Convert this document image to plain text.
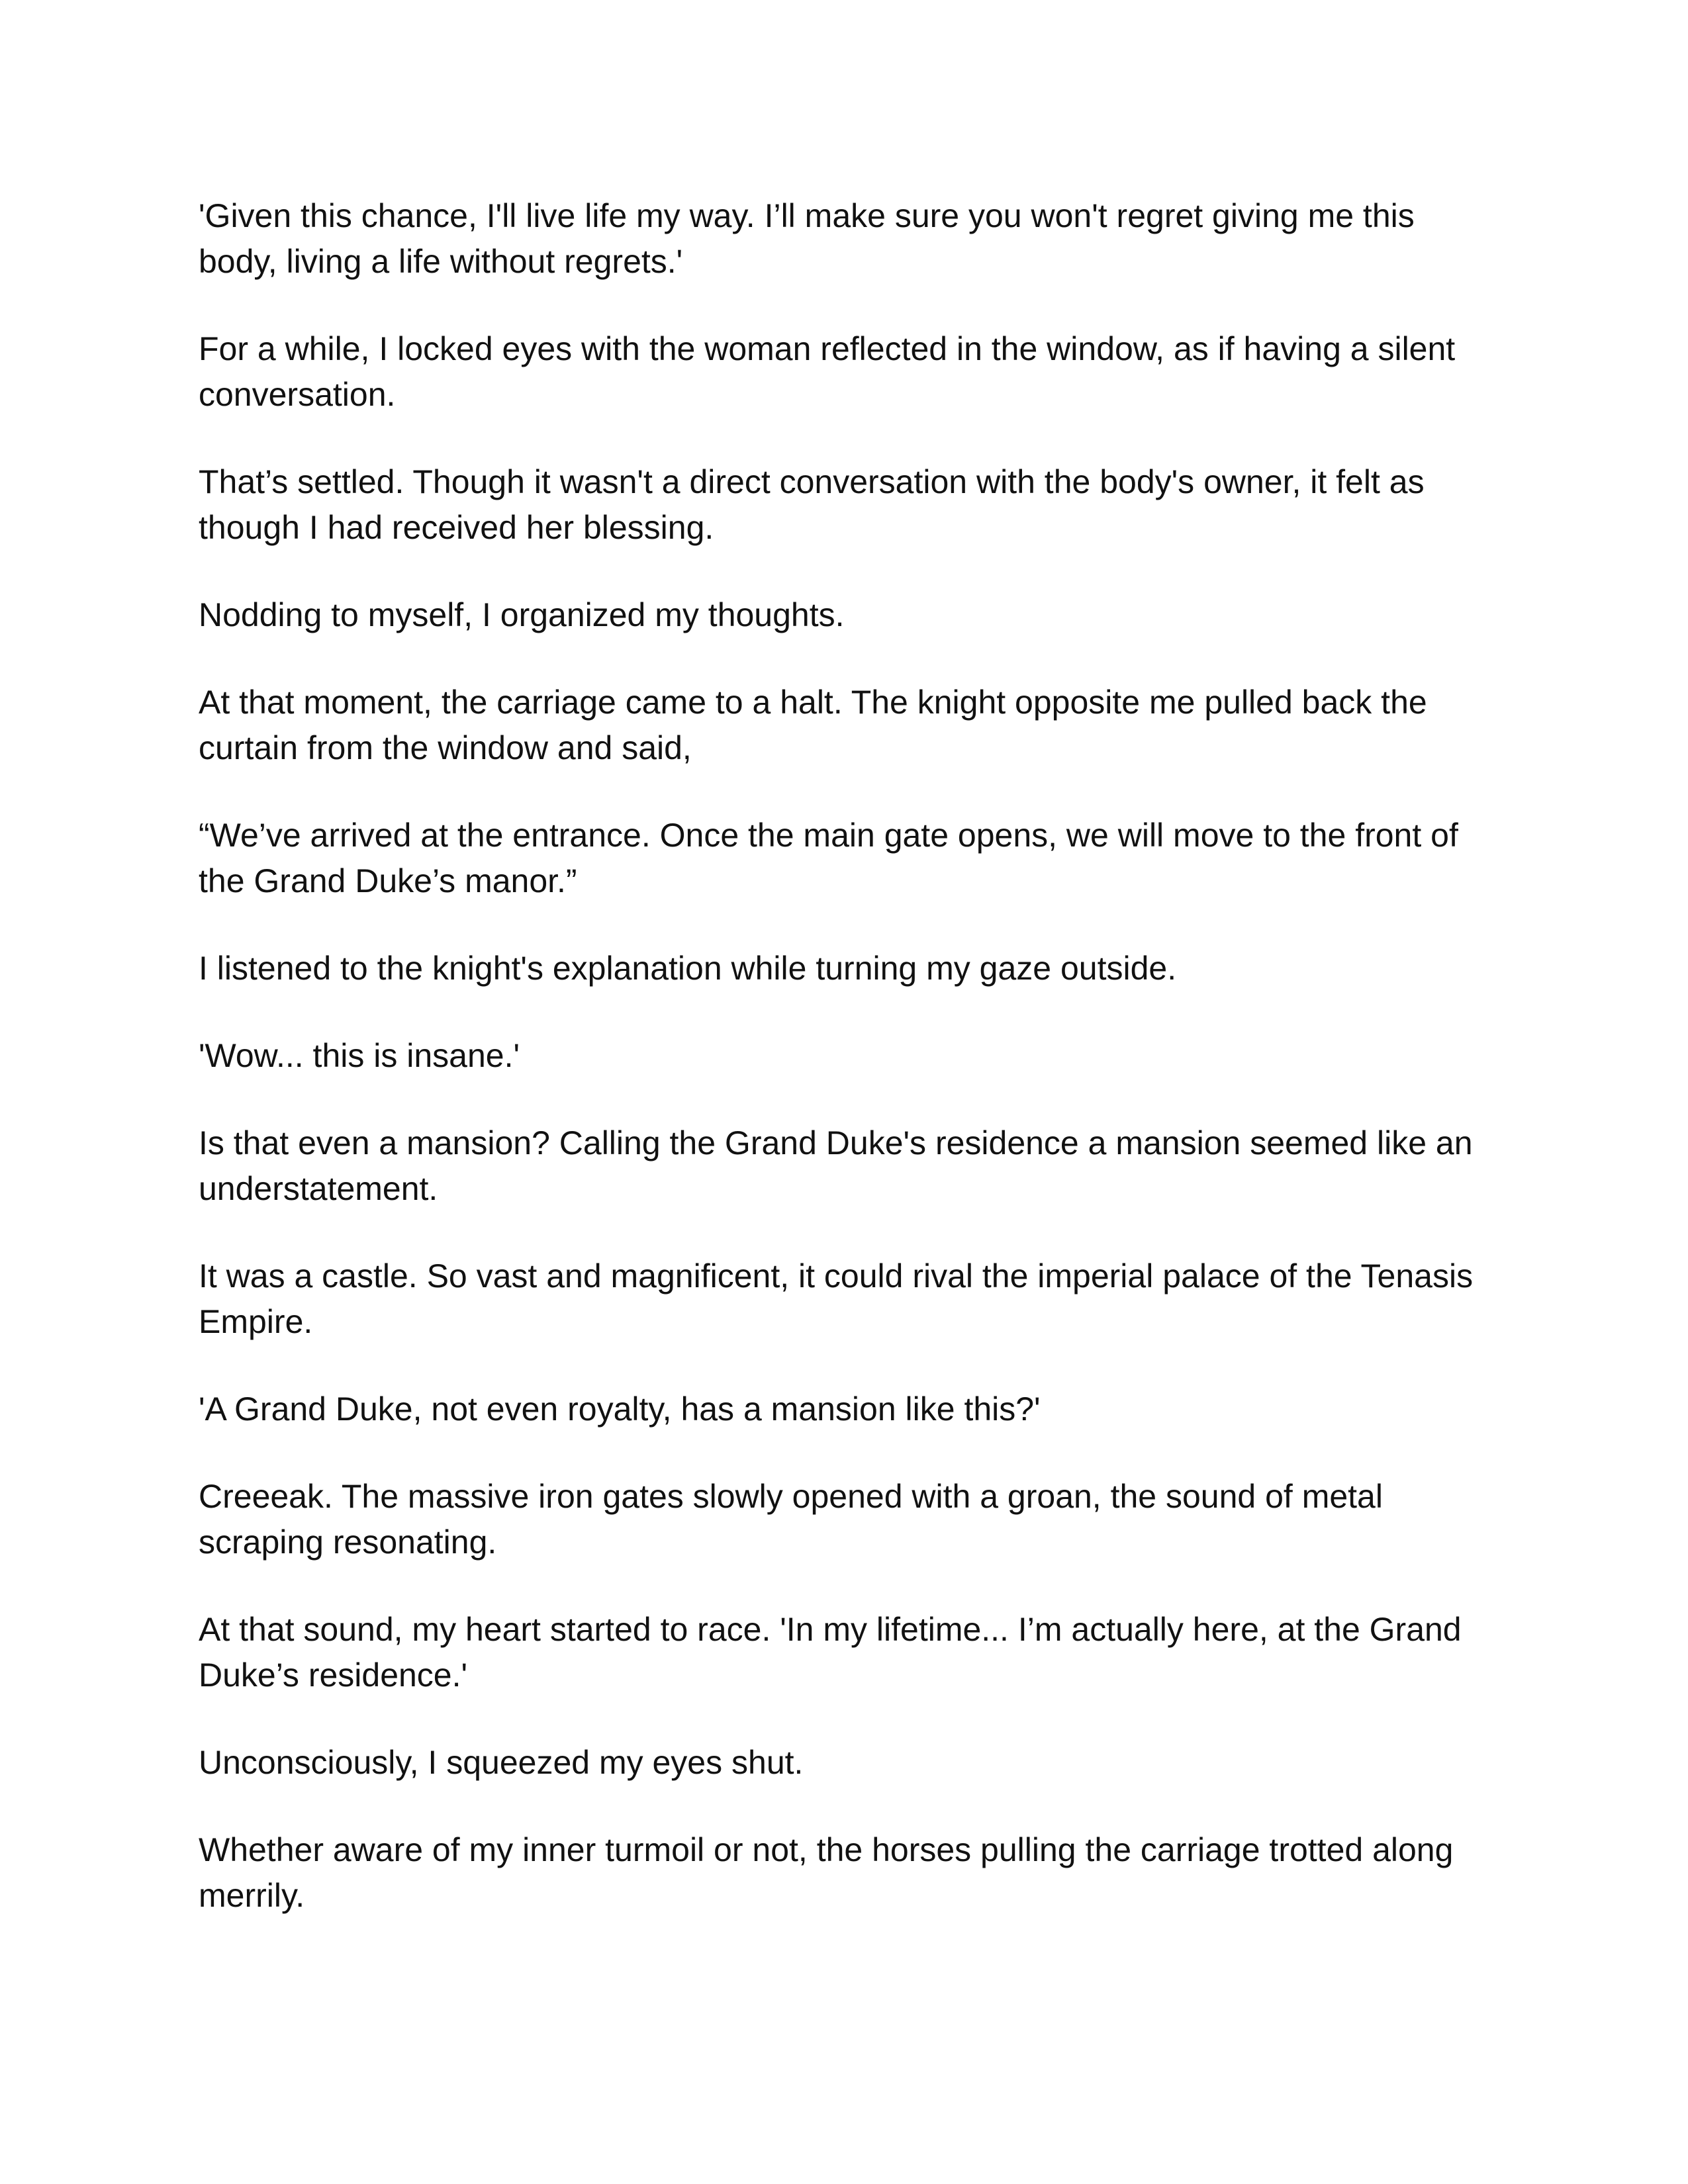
'Given this chance, I'll live life my way. I’ll make sure you won't regret giving me this body, living a life without regrets.'

For a while, I locked eyes with the woman reflected in the window, as if having a silent conversation.

That’s settled. Though it wasn't a direct conversation with the body's owner, it felt as though I had received her blessing.

Nodding to myself, I organized my thoughts.

At that moment, the carriage came to a halt. The knight opposite me pulled back the curtain from the window and said,

“We’ve arrived at the entrance. Once the main gate opens, we will move to the front of the Grand Duke’s manor.”

I listened to the knight's explanation while turning my gaze outside.

'Wow... this is insane.'

Is that even a mansion? Calling the Grand Duke's residence a mansion seemed like an understatement.

It was a castle. So vast and magnificent, it could rival the imperial palace of the Tenasis Empire.

'A Grand Duke, not even royalty, has a mansion like this?'

Creeeak. The massive iron gates slowly opened with a groan, the sound of metal scraping resonating.

At that sound, my heart started to race. 'In my lifetime... I’m actually here, at the Grand Duke’s residence.'

Unconsciously, I squeezed my eyes shut.

Whether aware of my inner turmoil or not, the horses pulling the carriage trotted along merrily.
